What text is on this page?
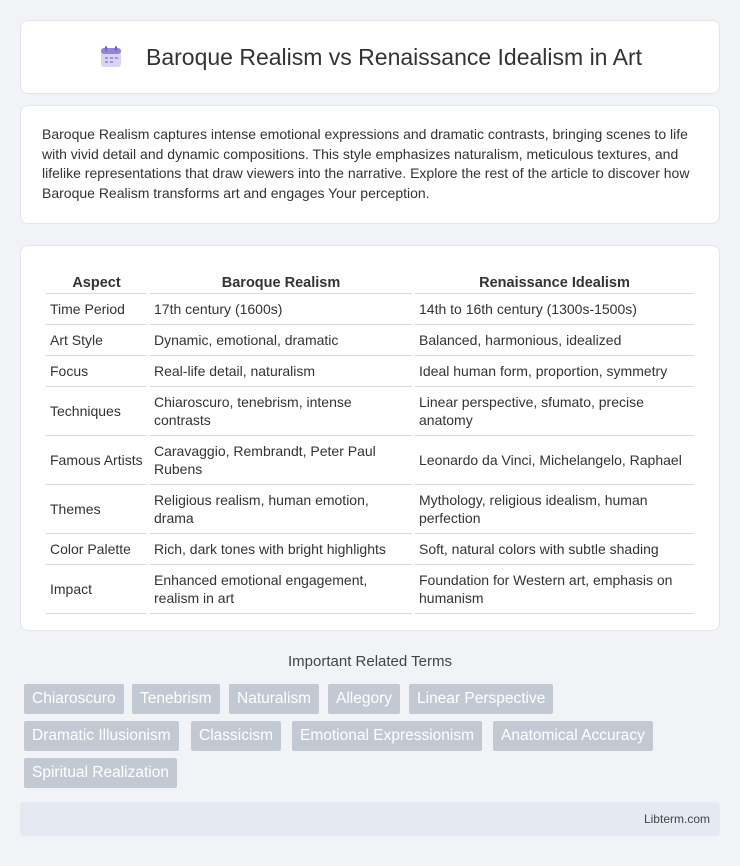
Baroque Realism vs Renaissance Idealism in Art

Baroque Realism captures intense emotional expressions and dramatic contrasts, bringing scenes to life with vivid detail and dynamic compositions. This style emphasizes naturalism, meticulous textures, and lifelike representations that draw viewers into the narrative. Explore the rest of the article to discover how Baroque Realism transforms art and engages Your perception.

Aspect	Baroque Realism	Renaissance Idealism
Time Period	17th century (1600s)	14th to 16th century (1300s-1500s)
Art Style	Dynamic, emotional, dramatic	Balanced, harmonious, idealized
Focus	Real-life detail, naturalism	Ideal human form, proportion, symmetry
Techniques	Chiaroscuro, tenebrism, intense contrasts	Linear perspective, sfumato, precise anatomy
Famous Artists	Caravaggio, Rembrandt, Peter Paul Rubens	Leonardo da Vinci, Michelangelo, Raphael
Themes	Religious realism, human emotion, drama	Mythology, religious idealism, human perfection
Color Palette	Rich, dark tones with bright highlights	Soft, natural colors with subtle shading
Impact	Enhanced emotional engagement, realism in art	Foundation for Western art, emphasis on humanism
Important Related Terms
Chiaroscuro	Tenebrism	Naturalism	Allegory	Linear Perspective
Dramatic Illusionism	Classicism	Emotional Expressionism	Anatomical Accuracy
Spiritual Realization
Libterm.com
